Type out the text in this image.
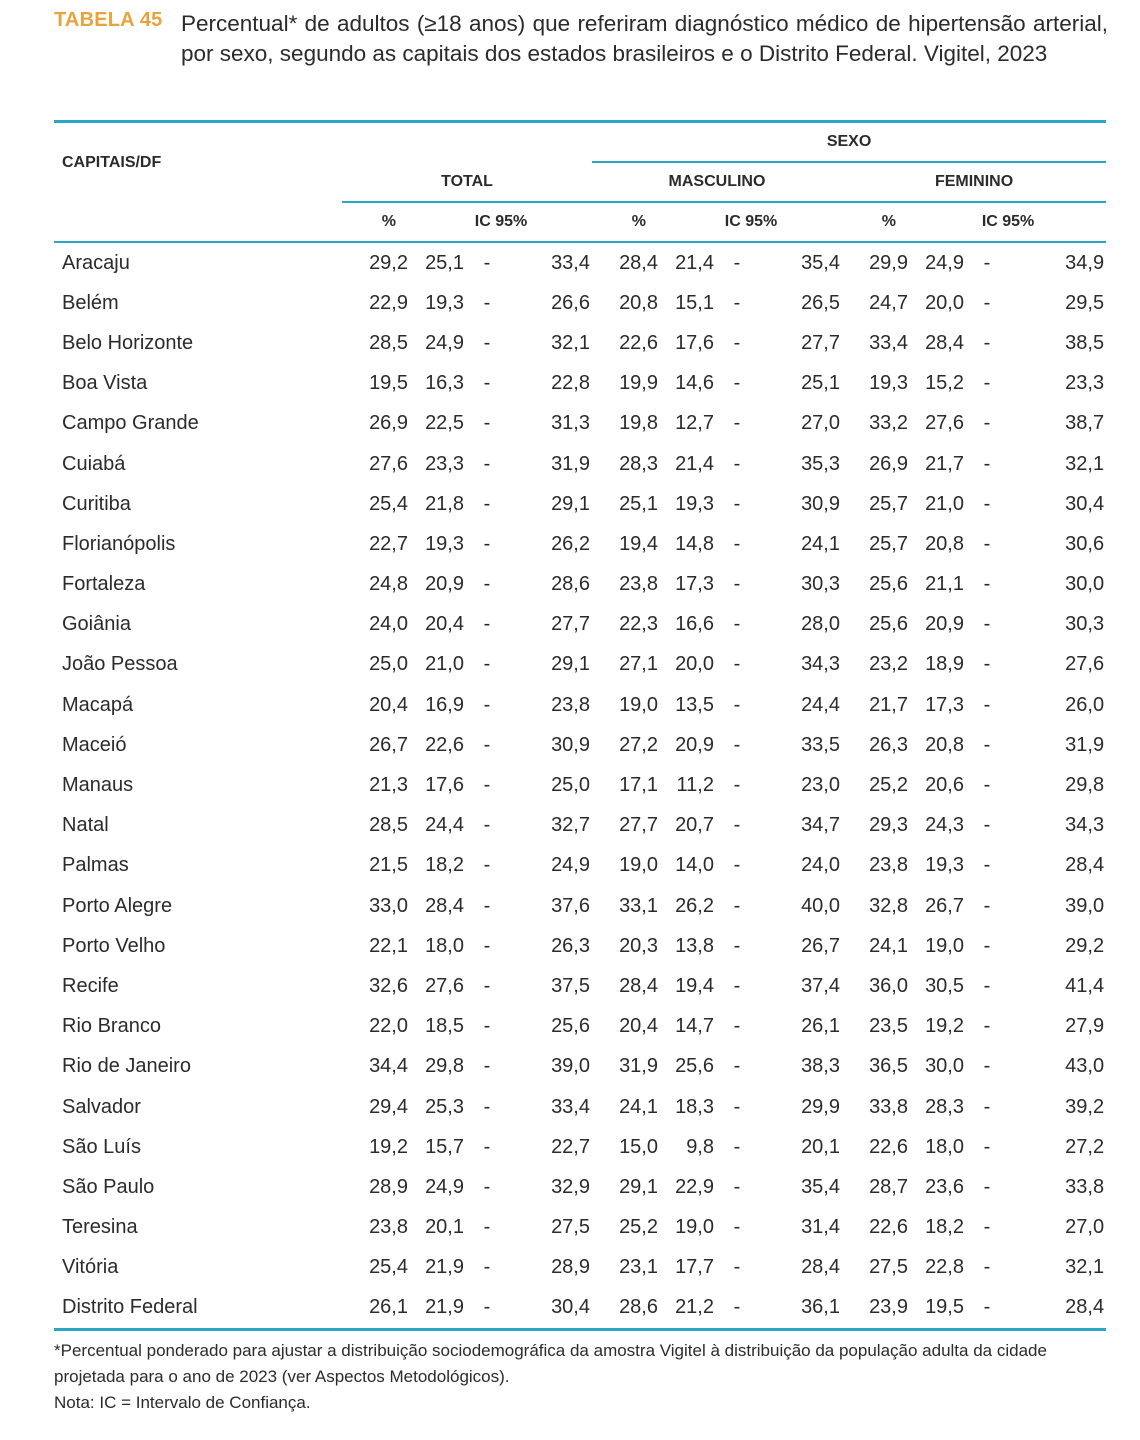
TABELA 45 Percentual* de adultos (≥18 anos) que referiram diagnóstico médico de hipertensão arterial, por sexo, segundo as capitais dos estados brasileiros e o Distrito Federal. Vigitel, 2023
CAPITAIS/DF					SEXO							
	TOTAL				MASCULINO				FEMININO			
	%	IC 95%			%	IC 95%			%	IC 95%		
Aracaju	29,2	25,1	-	33,4	28,4	21,4	-	35,4	29,9	24,9	-	34,9
Belém	22,9	19,3	-	26,6	20,8	15,1	-	26,5	24,7	20,0	-	29,5
Belo Horizonte	28,5	24,9	-	32,1	22,6	17,6	-	27,7	33,4	28,4	-	38,5
Boa Vista	19,5	16,3	-	22,8	19,9	14,6	-	25,1	19,3	15,2	-	23,3
Campo Grande	26,9	22,5	-	31,3	19,8	12,7	-	27,0	33,2	27,6	-	38,7
Cuiabá	27,6	23,3	-	31,9	28,3	21,4	-	35,3	26,9	21,7	-	32,1
Curitiba	25,4	21,8	-	29,1	25,1	19,3	-	30,9	25,7	21,0	-	30,4
Florianópolis	22,7	19,3	-	26,2	19,4	14,8	-	24,1	25,7	20,8	-	30,6
Fortaleza	24,8	20,9	-	28,6	23,8	17,3	-	30,3	25,6	21,1	-	30,0
Goiânia	24,0	20,4	-	27,7	22,3	16,6	-	28,0	25,6	20,9	-	30,3
João Pessoa	25,0	21,0	-	29,1	27,1	20,0	-	34,3	23,2	18,9	-	27,6
Macapá	20,4	16,9	-	23,8	19,0	13,5	-	24,4	21,7	17,3	-	26,0
Maceió	26,7	22,6	-	30,9	27,2	20,9	-	33,5	26,3	20,8	-	31,9
Manaus	21,3	17,6	-	25,0	17,1	11,2	-	23,0	25,2	20,6	-	29,8
Natal	28,5	24,4	-	32,7	27,7	20,7	-	34,7	29,3	24,3	-	34,3
Palmas	21,5	18,2	-	24,9	19,0	14,0	-	24,0	23,8	19,3	-	28,4
Porto Alegre	33,0	28,4	-	37,6	33,1	26,2	-	40,0	32,8	26,7	-	39,0
Porto Velho	22,1	18,0	-	26,3	20,3	13,8	-	26,7	24,1	19,0	-	29,2
Recife	32,6	27,6	-	37,5	28,4	19,4	-	37,4	36,0	30,5	-	41,4
Rio Branco	22,0	18,5	-	25,6	20,4	14,7	-	26,1	23,5	19,2	-	27,9
Rio de Janeiro	34,4	29,8	-	39,0	31,9	25,6	-	38,3	36,5	30,0	-	43,0
Salvador	29,4	25,3	-	33,4	24,1	18,3	-	29,9	33,8	28,3	-	39,2
São Luís	19,2	15,7	-	22,7	15,0	9,8	-	20,1	22,6	18,0	-	27,2
São Paulo	28,9	24,9	-	32,9	29,1	22,9	-	35,4	28,7	23,6	-	33,8
Teresina	23,8	20,1	-	27,5	25,2	19,0	-	31,4	22,6	18,2	-	27,0
Vitória	25,4	21,9	-	28,9	23,1	17,7	-	28,4	27,5	22,8	-	32,1
Distrito Federal	26,1	21,9	-	30,4	28,6	21,2	-	36,1	23,9	19,5	-	28,4

*Percentual ponderado para ajustar a distribuição sociodemográfica da amostra Vigitel à distribuição da população adulta da cidade projetada para o ano de 2023 (ver Aspectos Metodológicos).

Nota: IC = Intervalo de Confiança.
